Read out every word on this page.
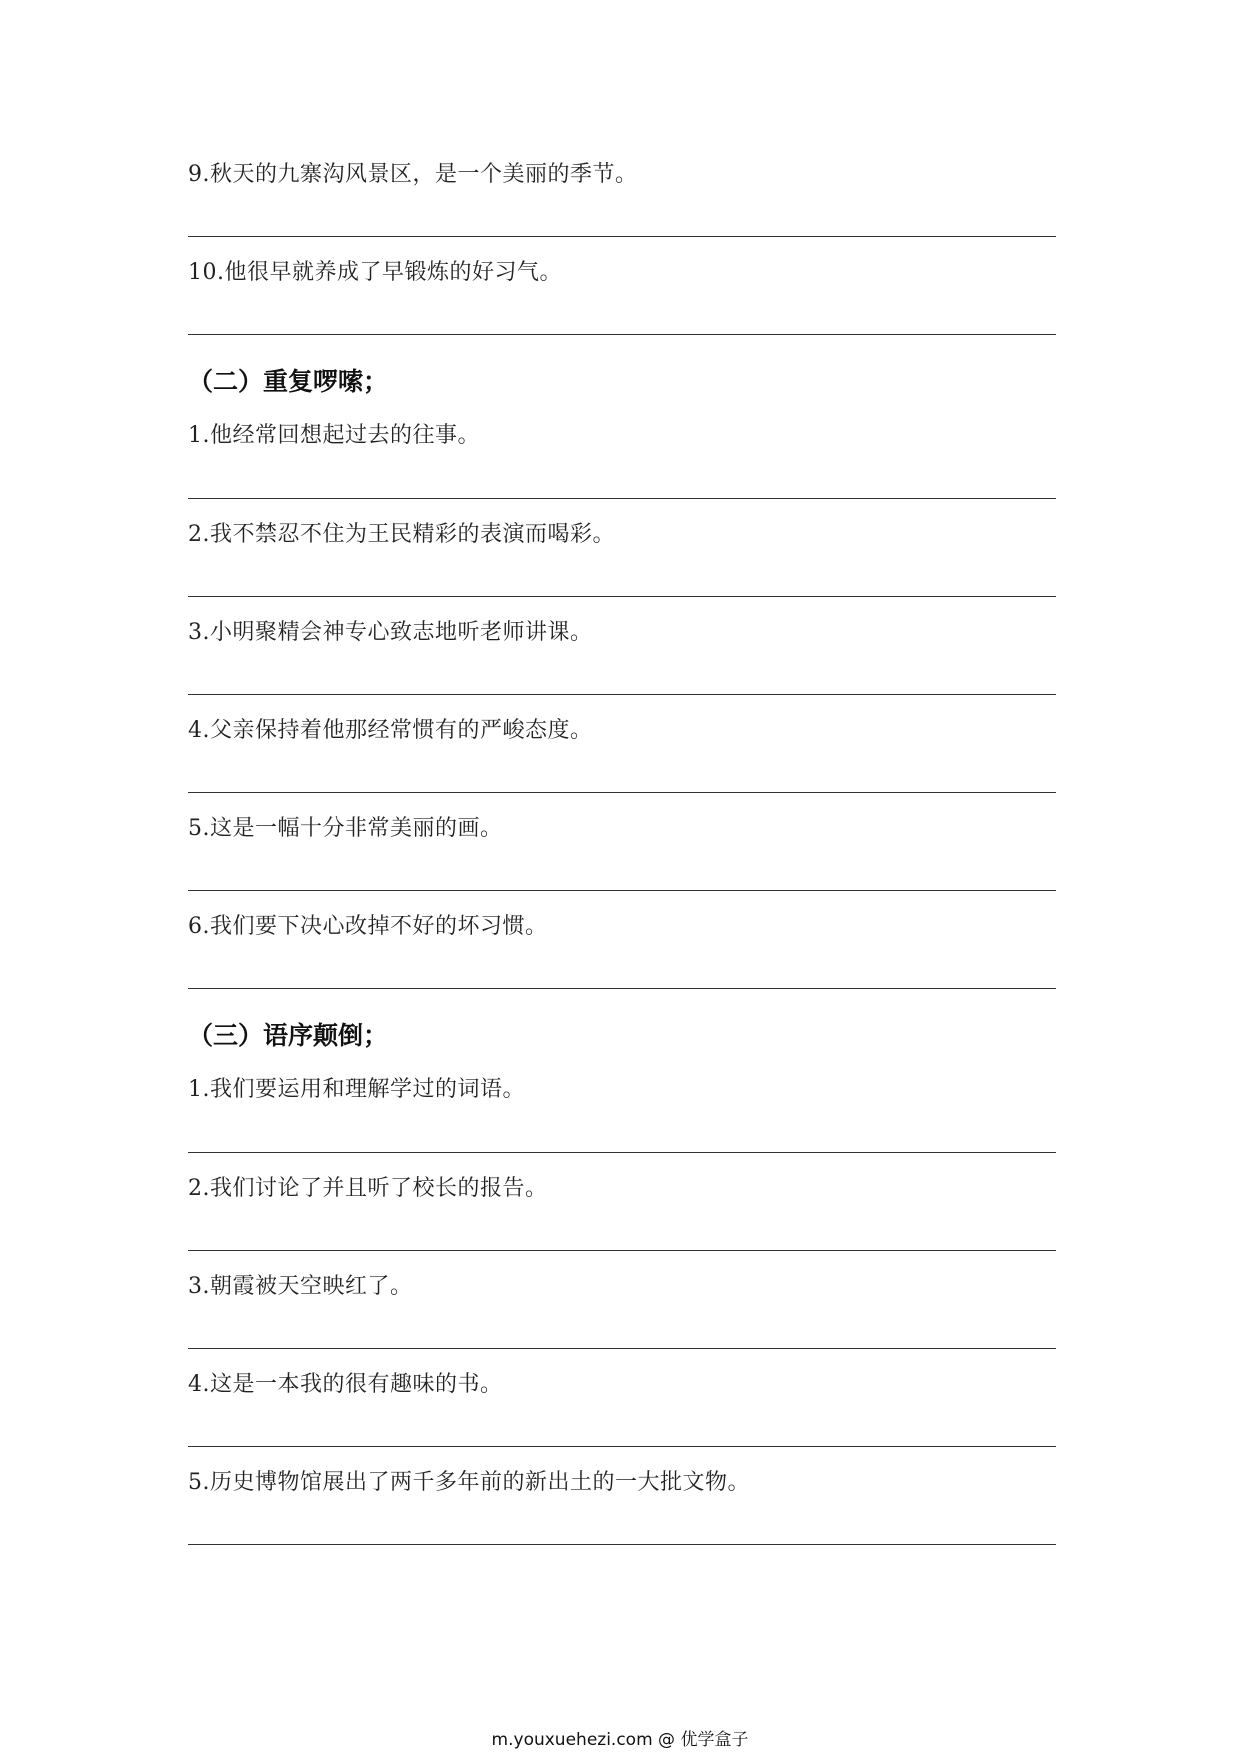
9.秋天的九寨沟风景区，是一个美丽的季节。
10.他很早就养成了早锻炼的好习气。
（二）重复啰嗦；
1.他经常回想起过去的往事。
2.我不禁忍不住为王民精彩的表演而喝彩。
3.小明聚精会神专心致志地听老师讲课。
4.父亲保持着他那经常惯有的严峻态度。
5.这是一幅十分非常美丽的画。
6.我们要下决心改掉不好的坏习惯。
（三）语序颠倒；
1.我们要运用和理解学过的词语。
2.我们讨论了并且听了校长的报告。
3.朝霞被天空映红了。
4.这是一本我的很有趣味的书。
5.历史博物馆展出了两千多年前的新出土的一大批文物。
m.youxuehezi.com @ 优学盒子
